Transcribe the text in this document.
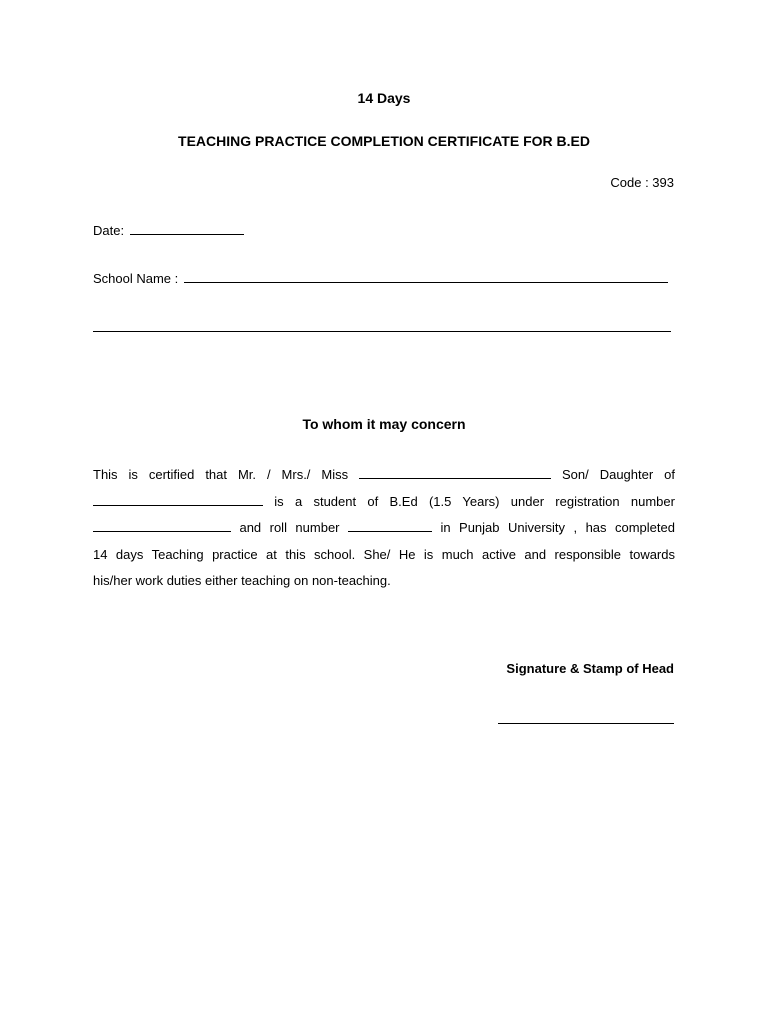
14 Days
TEACHING PRACTICE COMPLETION CERTIFICATE FOR B.ED
Code : 393
Date:
School Name :
To whom it may concern
This is certified that Mr. / Mrs./ Miss	Son/ Daughter of
is a student of B.Ed (1.5 Years) under registration number
and roll number	in Punjab University , has completed
14 days Teaching practice at this school. She/ He is much active and responsible towards
his/her work duties either teaching on non-teaching.
Signature & Stamp of Head
